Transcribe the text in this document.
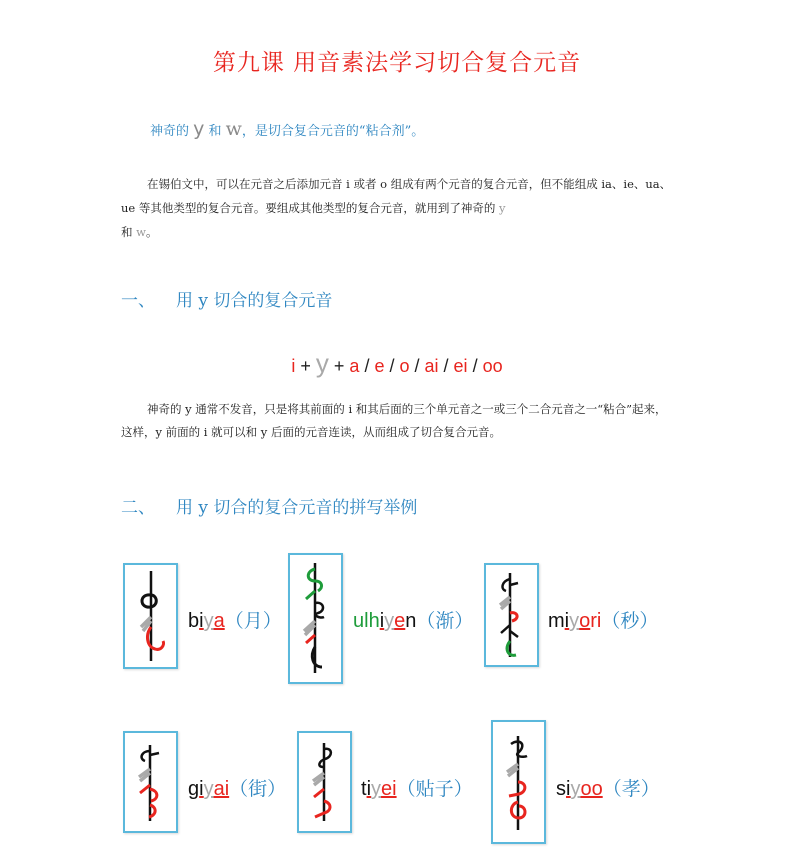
第九课 用音素法学习切合复合元音
神奇的 y 和 w，是切合复合元音的“粘合剂”。
在锡伯文中，可以在元音之后添加元音 i 或者 o 组成有两个元音的复合元音，但不能组成 ia、ie、ua、ue 等其他类型的复合元音。要组成其他类型的复合元音，就用到了神奇的 y
和 w。
一、 用 y 切合的复合元音
i + y + a / e / o / ai / ei / oo
神奇的 y 通常不发音，只是将其前面的 i 和其后面的三个单元音之一或三个二合元音之一“粘合”起来，这样，y 前面的 i 就可以和 y 后面的元音连读，从而组成了切合复合元音。
二、 用 y 切合的复合元音的拼写举例
biya（月）	ulhiyen（渐）	miyori（秒）
giyai（街）	tiyei（贴子）	siyoo（孝）
